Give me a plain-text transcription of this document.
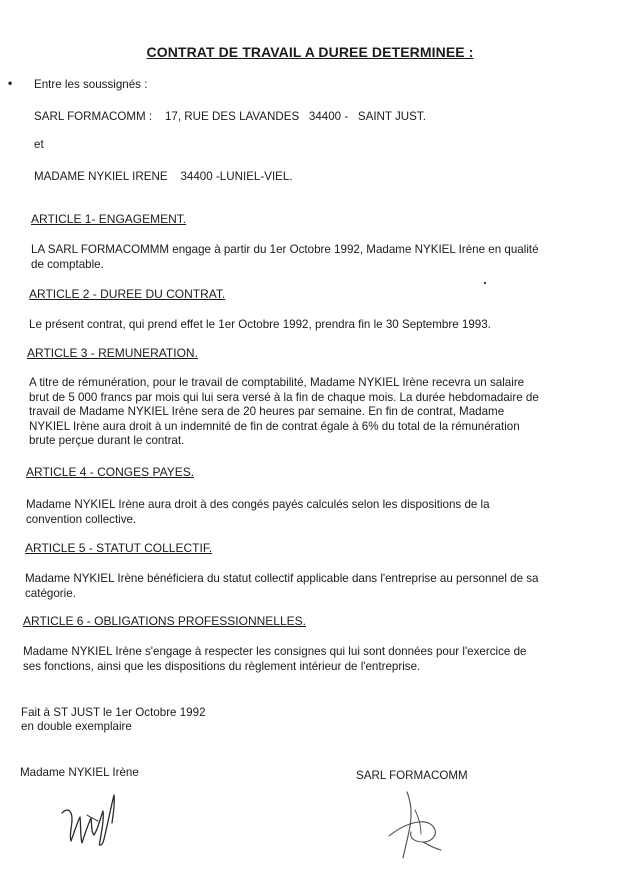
•
CONTRAT DE TRAVAIL A DUREE DETERMINEE :
Entre les soussignés :
SARL FORMACOMM :    17, RUE DES LAVANDES   34400 -   SAINT JUST.
et
MADAME NYKIEL IRENE    34400 -LUNIEL-VIEL.
ARTICLE 1- ENGAGEMENT.
LA SARL FORMACOMMM engage à partir du 1er Octobre 1992, Madame NYKIEL Irène en qualité
de comptable.
ARTICLE 2 - DUREE DU CONTRAT.
Le présent contrat, qui prend effet le 1er Octobre 1992, prendra fin le 30 Septembre 1993.
ARTICLE 3 - REMUNERATION.
A titre de rémunération, pour le travail de comptabilité, Madame NYKIEL Irène recevra un salaire
brut de 5 000 francs par mois qui lui sera versé à la fin de chaque mois. La durée hebdomadaire de
travail de Madame NYKIEL Irène sera de 20 heures par semaine. En fin de contrat, Madame
NYKIEL Irène aura droit à un indemnité de fin de contrat égale à 6% du total de la rémunération
brute perçue durant le contrat.
ARTICLE 4 - CONGES PAYES.
Madame NYKIEL Irène aura droit à des congés payés calculés selon les dispositions de la
convention collective.
ARTICLE 5 - STATUT COLLECTIF.
Madame NYKIEL Irène bénéficiera du statut collectif applicable dans l'entreprise au personnel de sa
catégorie.
ARTICLE 6 - OBLIGATIONS PROFESSIONNELLES.
Madame NYKIEL Irène s'engage à respecter les consignes qui lui sont données pour l'exercice de
ses fonctions, ainsi que les dispositions du règlement intérieur de l'entreprise.
Fait à ST JUST le 1er Octobre 1992
en double exemplaire
Madame NYKIEL Irène	SARL FORMACOMM
